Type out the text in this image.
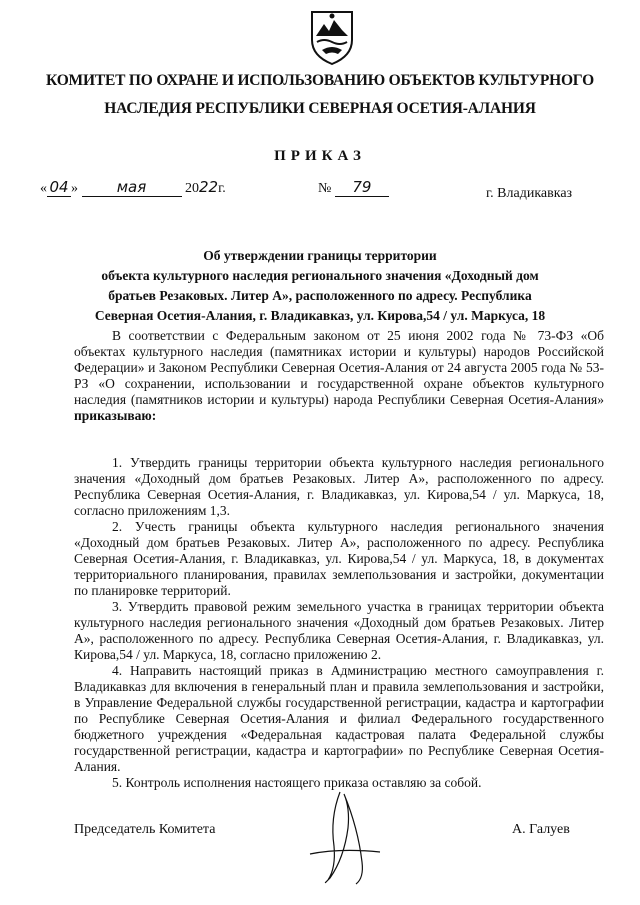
КОМИТЕТ ПО ОХРАНЕ И ИСПОЛЬЗОВАНИЮ ОБЪЕКТОВ КУЛЬТУРНОГО
НАСЛЕДИЯ РЕСПУБЛИКИ СЕВЕРНАЯ ОСЕТИЯ-АЛАНИЯ
ПРИКАЗ
« 04 »	мая	2022г.	№ 79	г. Владикавказ
Об утверждении границы территории
объекта культурного наследия регионального значения «Доходный дом
братьев Резаковых. Литер А», расположенного по адресу. Республика
Северная Осетия-Алания, г. Владикавказ, ул. Кирова,54 / ул. Маркуса, 18

В соответствии с Федеральным законом от 25 июня 2002 года № 73-ФЗ «Об объектах культурного наследия (памятниках истории и культуры) народов Российской Федерации» и Законом Республики Северная Осетия-Алания от 24 августа 2005 года № 53-РЗ «О сохранении, использовании и государственной охране объектов культурного наследия (памятников истории и культуры) народа Республики Северная Осетия-Алания» приказываю:

1. Утвердить границы территории объекта культурного наследия регионального значения «Доходный дом братьев Резаковых. Литер А», расположенного по адресу. Республика Северная Осетия-Алания, г. Владикавказ, ул. Кирова,54 / ул. Маркуса, 18, согласно приложениям 1,3.

2. Учесть границы объекта культурного наследия регионального значения «Доходный дом братьев Резаковых. Литер А», расположенного по адресу. Республика Северная Осетия-Алания, г. Владикавказ, ул. Кирова,54 / ул. Маркуса, 18, в документах территориального планирования, правилах землепользования и застройки, документации по планировке территорий.

3. Утвердить правовой режим земельного участка в границах территории объекта культурного наследия регионального значения «Доходный дом братьев Резаковых. Литер А», расположенного по адресу. Республика Северная Осетия-Алания, г. Владикавказ, ул. Кирова,54 / ул. Маркуса, 18, согласно приложению 2.

4. Направить настоящий приказ в Администрацию местного самоуправления г. Владикавказ для включения в генеральный план и правила землепользования и застройки, в Управление Федеральной службы государственной регистрации, кадастра и картографии по Республике Северная Осетия-Алания и филиал Федерального государственного бюджетного учреждения «Федеральная кадастровая палата Федеральной службы государственной регистрации, кадастра и картографии» по Республике Северная Осетия-Алания.

5. Контроль исполнения настоящего приказа оставляю за собой.

Председатель Комитета	А. Галуев
